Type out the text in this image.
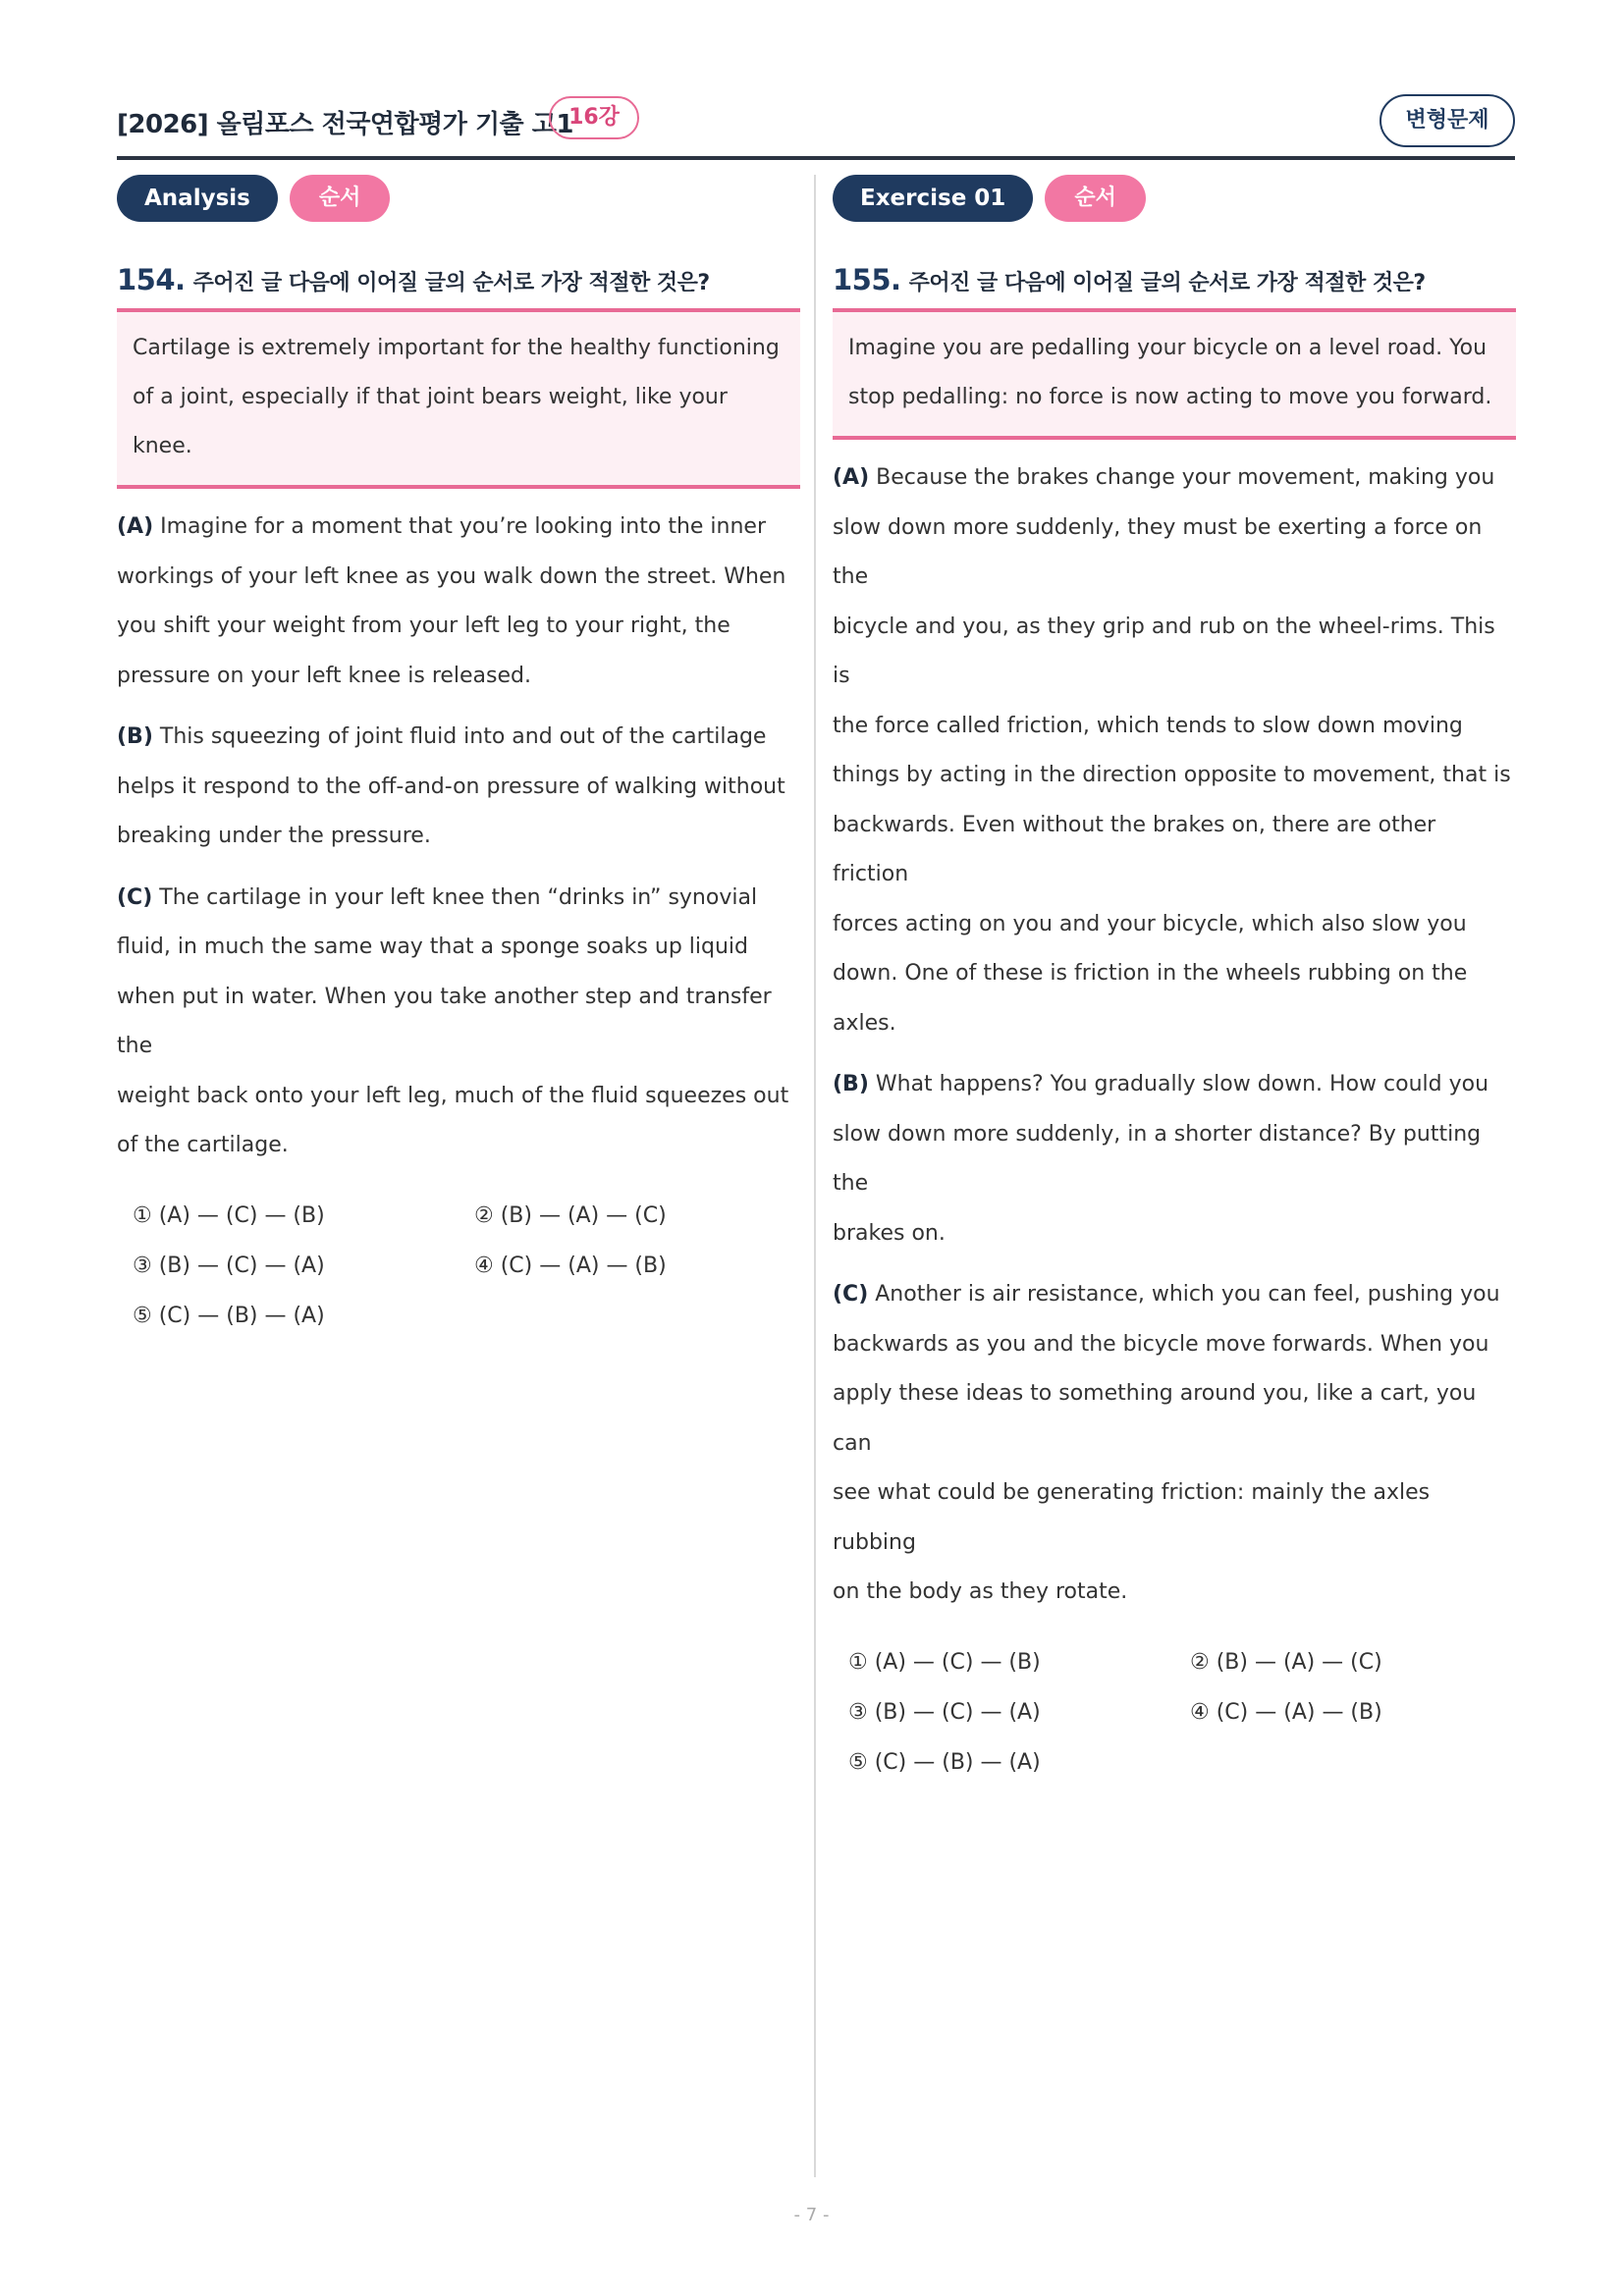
[2026] 올림포스 전국연합평가 기출 고1
16강	변형문제
Analysis	순서
154. 주어진 글 다음에 이어질 글의 순서로 가장 적절한 것은?
Cartilage is extremely important for the healthy functioning
of a joint, especially if that joint bears weight, like your knee.
(A) Imagine for a moment that you’re looking into the inner
workings of your left knee as you walk down the street. When
you shift your weight from your left leg to your right, the
pressure on your left knee is released.
(B) This squeezing of joint fluid into and out of the cartilage
helps it respond to the off-and-on pressure of walking without
breaking under the pressure.
(C) The cartilage in your left knee then “drinks in” synovial
fluid, in much the same way that a sponge soaks up liquid
when put in water. When you take another step and transfer the
weight back onto your left leg, much of the fluid squeezes out
of the cartilage.
① (A) — (C) — (B)	② (B) — (A) — (C)
③ (B) — (C) — (A)	④ (C) — (A) — (B)
⑤ (C) — (B) — (A)
Exercise 01	순서
155. 주어진 글 다음에 이어질 글의 순서로 가장 적절한 것은?
Imagine you are pedalling your bicycle on a level road. You
stop pedalling: no force is now acting to move you forward.
(A) Because the brakes change your movement, making you
slow down more suddenly, they must be exerting a force on the
bicycle and you, as they grip and rub on the wheel-rims. This is
the force called friction, which tends to slow down moving
things by acting in the direction opposite to movement, that is
backwards. Even without the brakes on, there are other friction
forces acting on you and your bicycle, which also slow you
down. One of these is friction in the wheels rubbing on the
axles.
(B) What happens? You gradually slow down. How could you
slow down more suddenly, in a shorter distance? By putting the
brakes on.
(C) Another is air resistance, which you can feel, pushing you
backwards as you and the bicycle move forwards. When you
apply these ideas to something around you, like a cart, you can
see what could be generating friction: mainly the axles rubbing
on the body as they rotate.
① (A) — (C) — (B)	② (B) — (A) — (C)
③ (B) — (C) — (A)	④ (C) — (A) — (B)
⑤ (C) — (B) — (A)
- 7 -
